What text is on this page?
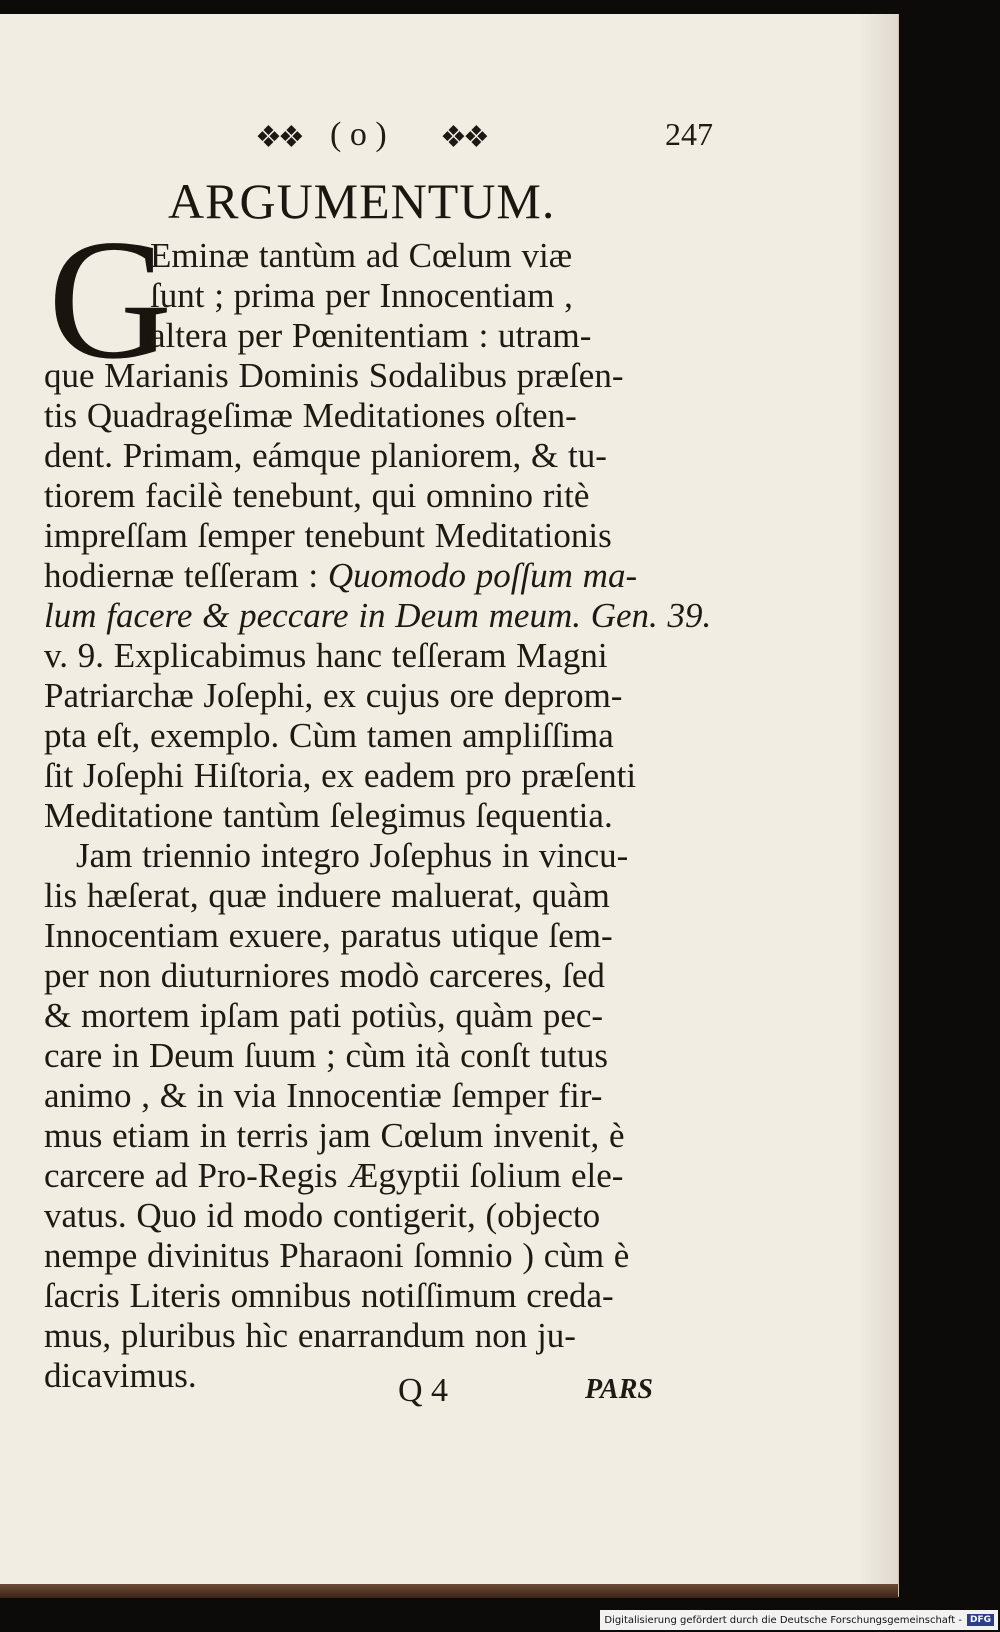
❖❖ ( o ) ❖❖	247
ARGUMENTUM.
G
Eminæ tantùm ad Cœlum viæ
ſunt ; prima per Innocentiam ,
altera per Pœnitentiam : utram-
que Marianis Dominis Sodalibus præſen-
tis Quadrageſimæ Meditationes oſten-
dent. Primam, eámque planiorem, & tu-
tiorem facilè tenebunt, qui omnino ritè
impreſſam ſemper tenebunt Meditationis
hodiernæ teſſeram : Quomodo poſſum ma-
lum facere & peccare in Deum meum. Gen. 39.
v. 9. Explicabimus hanc teſſeram Magni
Patriarchæ Joſephi, ex cujus ore deprom-
pta eſt, exemplo. Cùm tamen ampliſſima
ſit Joſephi Hiſtoria, ex eadem pro præſenti
Meditatione tantùm ſelegimus ſequentia.
Jam triennio integro Joſephus in vincu-
lis hæſerat, quæ induere maluerat, quàm
Innocentiam exuere, paratus utique ſem-
per non diuturniores modò carceres, ſed
& mortem ipſam pati potiùs, quàm pec-
care in Deum ſuum ; cùm ità conſt tutus
animo , & in via Innocentiæ ſemper fir-
mus etiam in terris jam Cœlum invenit, è
carcere ad Pro-Regis Ægyptii ſolium ele-
vatus. Quo id modo contigerit, (objecto
nempe divinitus Pharaoni ſomnio ) cùm è
ſacris Literis omnibus notiſſimum creda-
mus, pluribus hìc enarrandum non ju-
dicavimus.	Q 4	PARS
Digitalisierung gefördert durch die Deutsche Forschungsgemeinschaft - DFG
